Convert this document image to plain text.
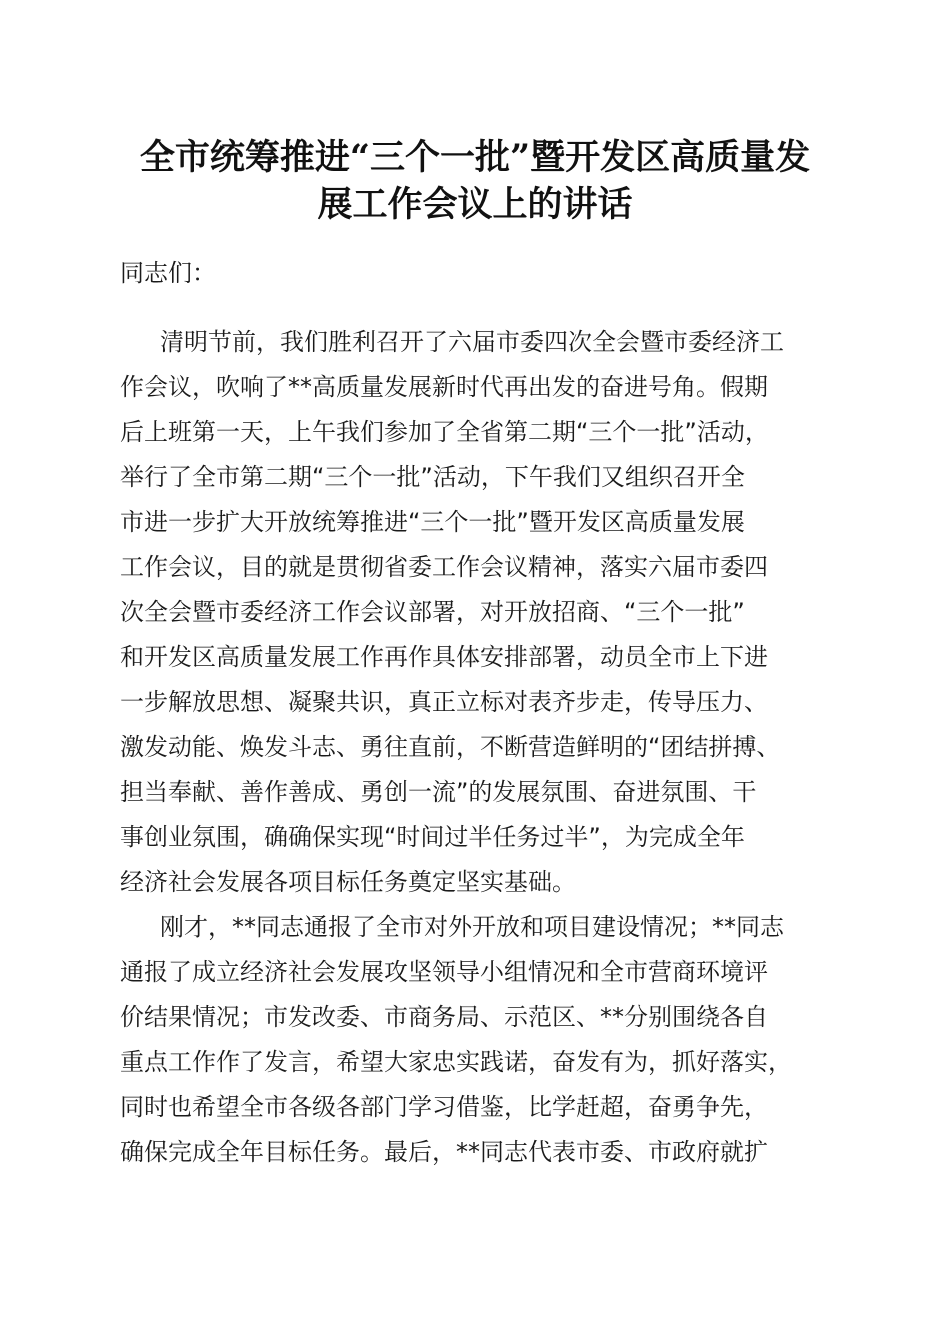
全市统筹推进“三个一批”暨开发区高质量发
展工作会议上的讲话
同志们：
清明节前，我们胜利召开了六届市委四次全会暨市委经济工
作会议，吹响了**高质量发展新时代再出发的奋进号角。假期
后上班第一天，上午我们参加了全省第二期“三个一批”活动，
举行了全市第二期“三个一批”活动，下午我们又组织召开全
市进一步扩大开放统筹推进“三个一批”暨开发区高质量发展
工作会议，目的就是贯彻省委工作会议精神，落实六届市委四
次全会暨市委经济工作会议部署，对开放招商、“三个一批”
和开发区高质量发展工作再作具体安排部署，动员全市上下进
一步解放思想、凝聚共识，真正立标对表齐步走，传导压力、
激发动能、焕发斗志、勇往直前，不断营造鲜明的“团结拼搏、
担当奉献、善作善成、勇创一流”的发展氛围、奋进氛围、干
事创业氛围，确确保实现“时间过半任务过半”，为完成全年
经济社会发展各项目标任务奠定坚实基础。
刚才，**同志通报了全市对外开放和项目建设情况；**同志
通报了成立经济社会发展攻坚领导小组情况和全市营商环境评
价结果情况；市发改委、市商务局、示范区、**分别围绕各自
重点工作作了发言，希望大家忠实践诺，奋发有为，抓好落实，
同时也希望全市各级各部门学习借鉴，比学赶超，奋勇争先，
确保完成全年目标任务。最后，**同志代表市委、市政府就扩
